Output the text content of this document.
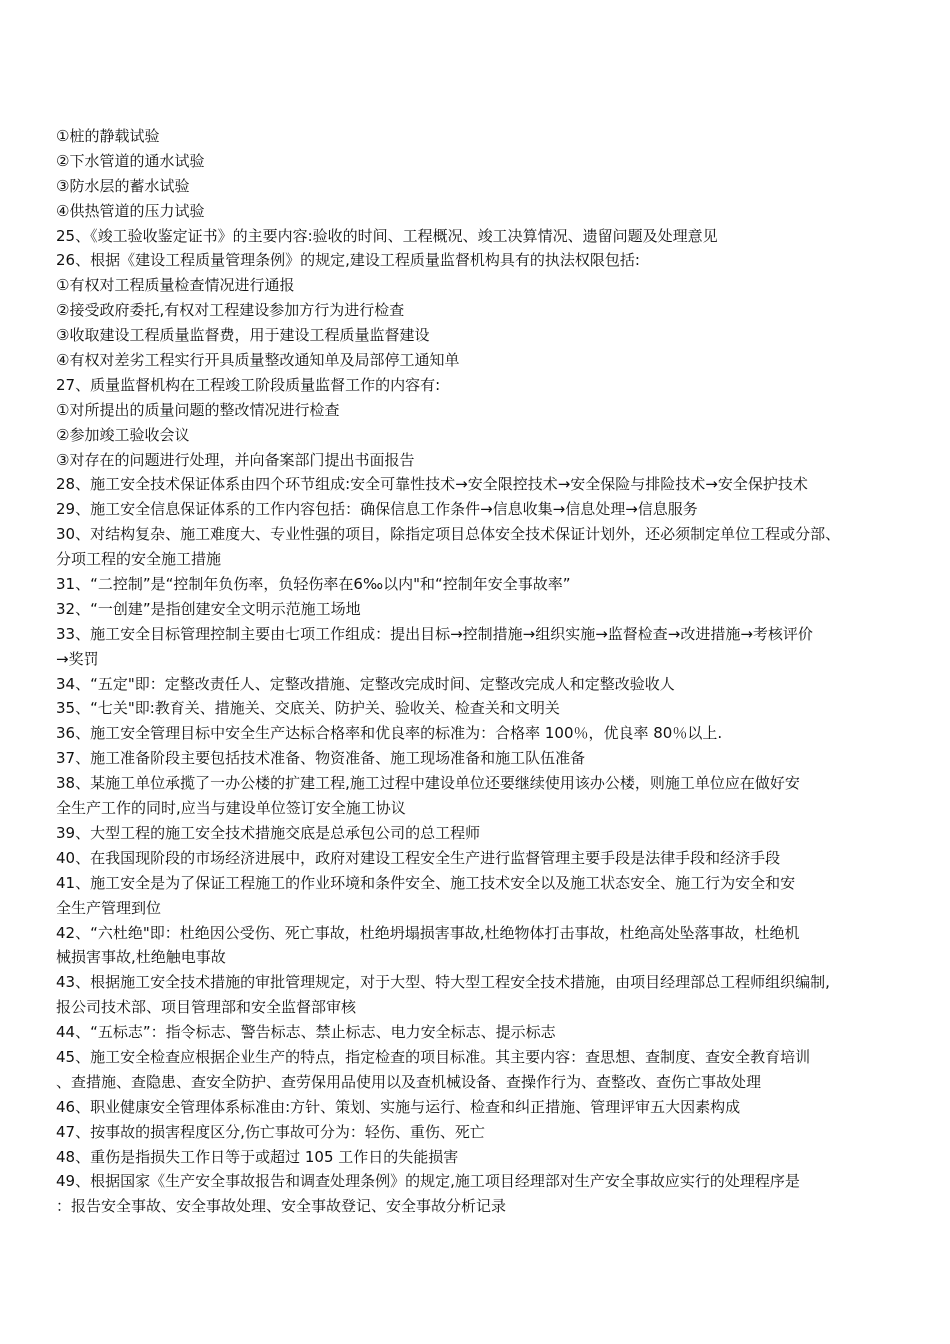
①桩的静载试验
②下水管道的通水试验
③防水层的蓄水试验
④供热管道的压力试验
25、《竣工验收鉴定证书》的主要内容:验收的时间、工程概况、竣工决算情况、遗留问题及处理意见
26、根据《建设工程质量管理条例》的规定,建设工程质量监督机构具有的执法权限包括:
①有权对工程质量检查情况进行通报
②接受政府委托,有权对工程建设参加方行为进行检查
③收取建设工程质量监督费，用于建设工程质量监督建设
④有权对差劣工程实行开具质量整改通知单及局部停工通知单
27、质量监督机构在工程竣工阶段质量监督工作的内容有:
①对所提出的质量问题的整改情况进行检查
②参加竣工验收会议
③对存在的问题进行处理，并向备案部门提出书面报告
28、施工安全技术保证体系由四个环节组成:安全可靠性技术→安全限控技术→安全保险与排险技术→安全保护技术
29、施工安全信息保证体系的工作内容包括：确保信息工作条件→信息收集→信息处理→信息服务
30、对结构复杂、施工难度大、专业性强的项目，除指定项目总体安全技术保证计划外，还必须制定单位工程或分部、
分项工程的安全施工措施
31、“二控制”是“控制年负伤率，负轻伤率在6‰以内"和“控制年安全事故率”
32、“一创建”是指创建安全文明示范施工场地
33、施工安全目标管理控制主要由七项工作组成：提出目标→控制措施→组织实施→监督检查→改进措施→考核评价
→奖罚
34、“五定"即：定整改责任人、定整改措施、定整改完成时间、定整改完成人和定整改验收人
35、“七关"即:教育关、措施关、交底关、防护关、验收关、检查关和文明关
36、施工安全管理目标中安全生产达标合格率和优良率的标准为：合格率 100％，优良率 80％以上.
37、施工准备阶段主要包括技术准备、物资准备、施工现场准备和施工队伍准备
38、某施工单位承揽了一办公楼的扩建工程,施工过程中建设单位还要继续使用该办公楼，则施工单位应在做好安
全生产工作的同时,应当与建设单位签订安全施工协议
39、大型工程的施工安全技术措施交底是总承包公司的总工程师
40、在我国现阶段的市场经济进展中，政府对建设工程安全生产进行监督管理主要手段是法律手段和经济手段
41、施工安全是为了保证工程施工的作业环境和条件安全、施工技术安全以及施工状态安全、施工行为安全和安
全生产管理到位
42、“六杜绝"即：杜绝因公受伤、死亡事故，杜绝坍塌损害事故,杜绝物体打击事故，杜绝高处坠落事故，杜绝机
械损害事故,杜绝触电事故
43、根据施工安全技术措施的审批管理规定，对于大型、特大型工程安全技术措施，由项目经理部总工程师组织编制,
报公司技术部、项目管理部和安全监督部审核
44、“五标志”：指令标志、警告标志、禁止标志、电力安全标志、提示标志
45、施工安全检查应根据企业生产的特点，指定检查的项目标准。其主要内容：查思想、查制度、查安全教育培训
、查措施、查隐患、查安全防护、查劳保用品使用以及查机械设备、查操作行为、查整改、查伤亡事故处理
46、职业健康安全管理体系标准由:方针、策划、实施与运行、检查和纠正措施、管理评审五大因素构成
47、按事故的损害程度区分,伤亡事故可分为：轻伤、重伤、死亡
48、重伤是指损失工作日等于或超过 105 工作日的失能损害
49、根据国家《生产安全事故报告和调查处理条例》的规定,施工项目经理部对生产安全事故应实行的处理程序是
：报告安全事故、安全事故处理、安全事故登记、安全事故分析记录
